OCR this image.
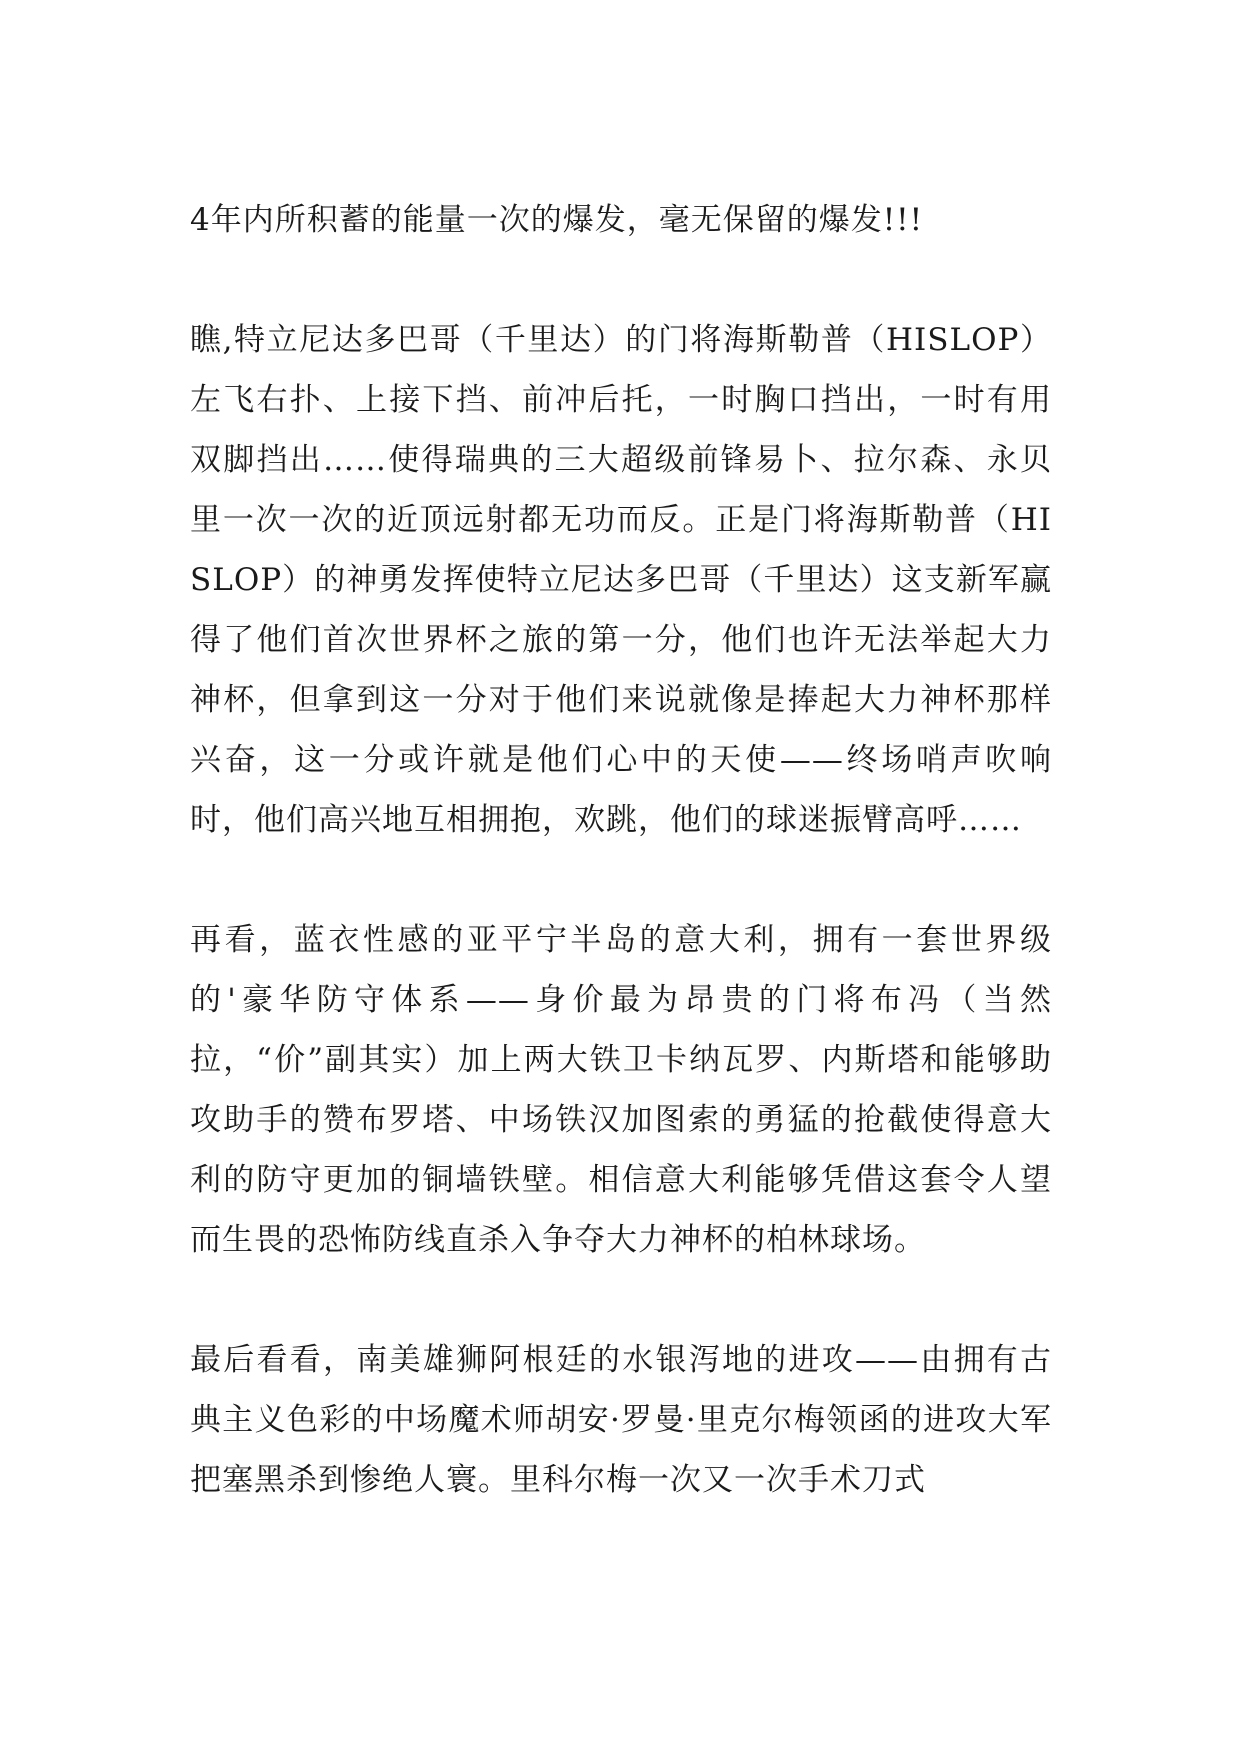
4年内所积蓄的能量一次的爆发，毫无保留的爆发!!!

瞧,特立尼达多巴哥（千里达）的门将海斯勒普（HISLOP）左飞右扑、上接下挡、前冲后托，一时胸口挡出，一时有用双脚挡出……使得瑞典的三大超级前锋易卜、拉尔森、永贝里一次一次的近顶远射都无功而反。正是门将海斯勒普（HISLOP）的神勇发挥使特立尼达多巴哥（千里达）这支新军赢得了他们首次世界杯之旅的第一分，他们也许无法举起大力神杯，但拿到这一分对于他们来说就像是捧起大力神杯那样兴奋，这一分或许就是他们心中的天使——终场哨声吹响时，他们高兴地互相拥抱，欢跳，他们的球迷振臂高呼……

再看，蓝衣性感的亚平宁半岛的意大利，拥有一套世界级的'豪华防守体系——身价最为昂贵的门将布冯（当然拉，“价”副其实）加上两大铁卫卡纳瓦罗、内斯塔和能够助攻助手的赞布罗塔、中场铁汉加图索的勇猛的抢截使得意大利的防守更加的铜墙铁壁。相信意大利能够凭借这套令人望而生畏的恐怖防线直杀入争夺大力神杯的柏林球场。

最后看看，南美雄狮阿根廷的水银泻地的进攻——由拥有古典主义色彩的中场魔术师胡安·罗曼·里克尔梅领函的进攻大军把塞黑杀到惨绝人寰。里科尔梅一次又一次手术刀式
